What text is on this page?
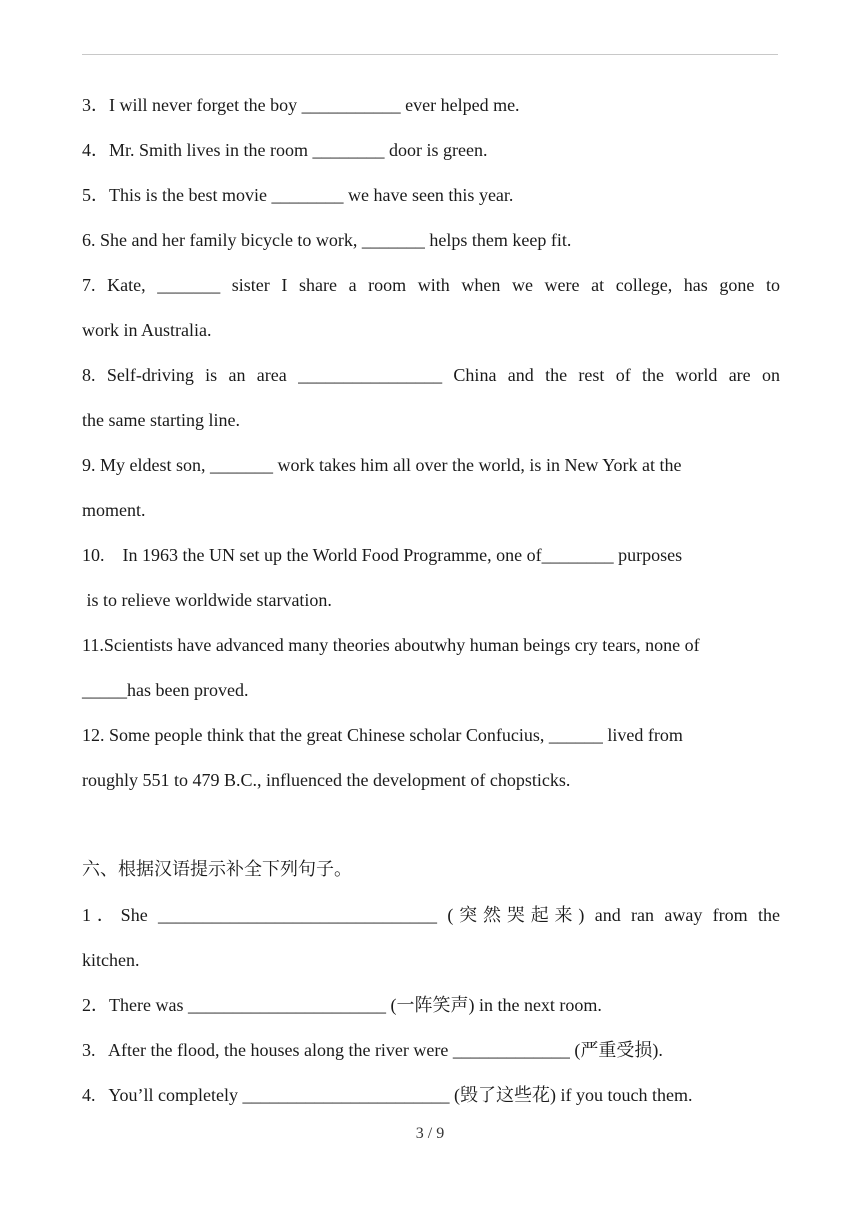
3．I will never forget the boy ___________ ever helped me.
4．Mr. Smith lives in the room ________ door is green.
5．This is the best movie ________ we have seen this year.
6. She and her family bicycle to work, _______ helps them keep fit.
7. Kate, _______ sister I share a room with when we were at college, has gone to
work in Australia.
8. Self-driving is an area ________________ China and the rest of the world are on
the same starting line.
9. My eldest son, _______ work takes him all over the world, is in New York at the
moment.
10.    In 1963 the UN set up the World Food Programme, one of________ purposes
is to relieve worldwide starvation.
11.Scientists have advanced many theories aboutwhy human beings cry tears, none of
_____has been proved.
12. Some people think that the great Chinese scholar Confucius, ______ lived from
roughly 551 to 479 B.C., influenced the development of chopsticks.
六、根据汉语提示补全下列句子。
1．She _______________________________ (突然哭起来) and ran away from the
kitchen.
2．There was ______________________ (一阵笑声) in the next room.
3.   After the flood, the houses along the river were _____________ (严重受损).
4.   You’ll completely _______________________ (毁了这些花) if you touch them.
3 / 9
